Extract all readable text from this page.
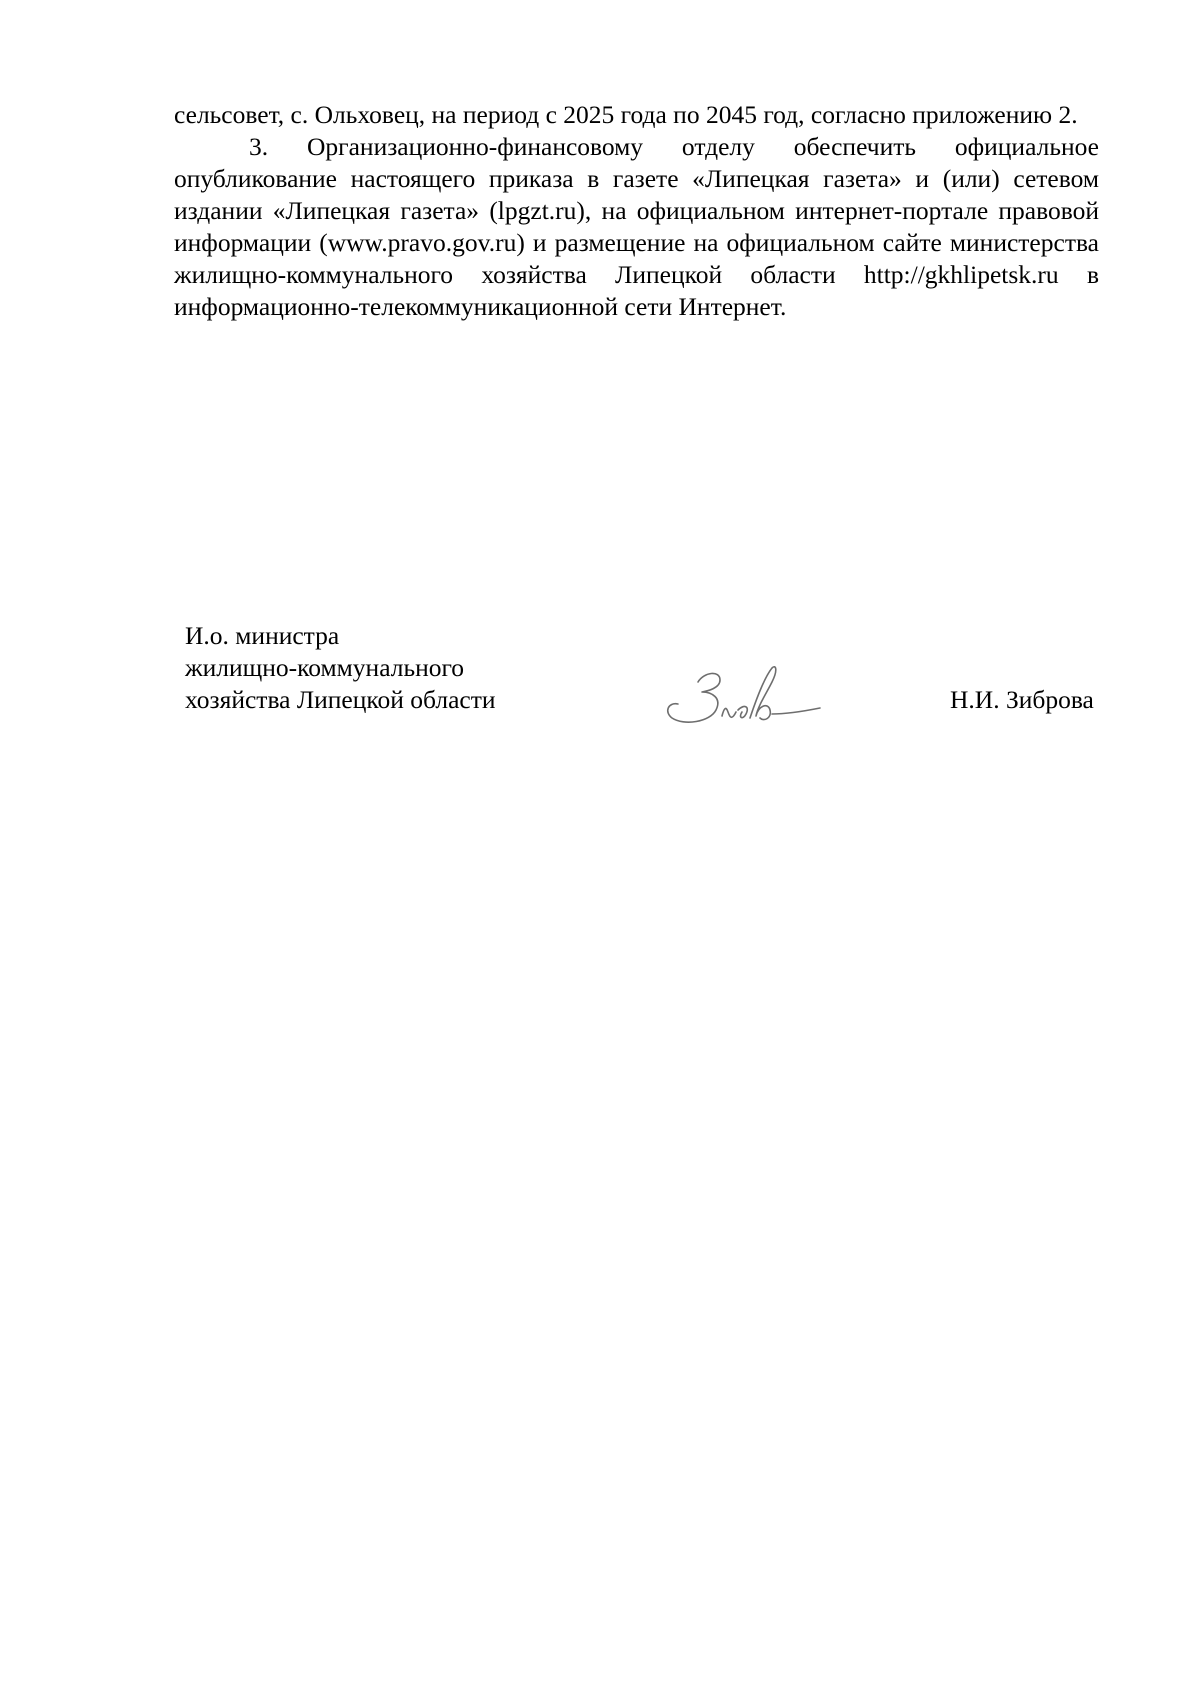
сельсовет, с. Ольховец, на период с 2025 года по 2045 год, согласно приложению 2.

3. Организационно-финансовому отделу обеспечить официальное опубликование настоящего приказа в газете «Липецкая газета» и (или) сетевом издании «Липецкая газета» (lpgzt.ru), на официальном интернет-портале правовой информации (www.pravo.gov.ru) и размещение на официальном сайте министерства жилищно-коммунального хозяйства Липецкой области http://gkhlipetsk.ru в информационно-телекоммуникационной сети Интернет.

И.о. министра
жилищно-коммунального
хозяйства Липецкой области	Н.И. Зиброва
